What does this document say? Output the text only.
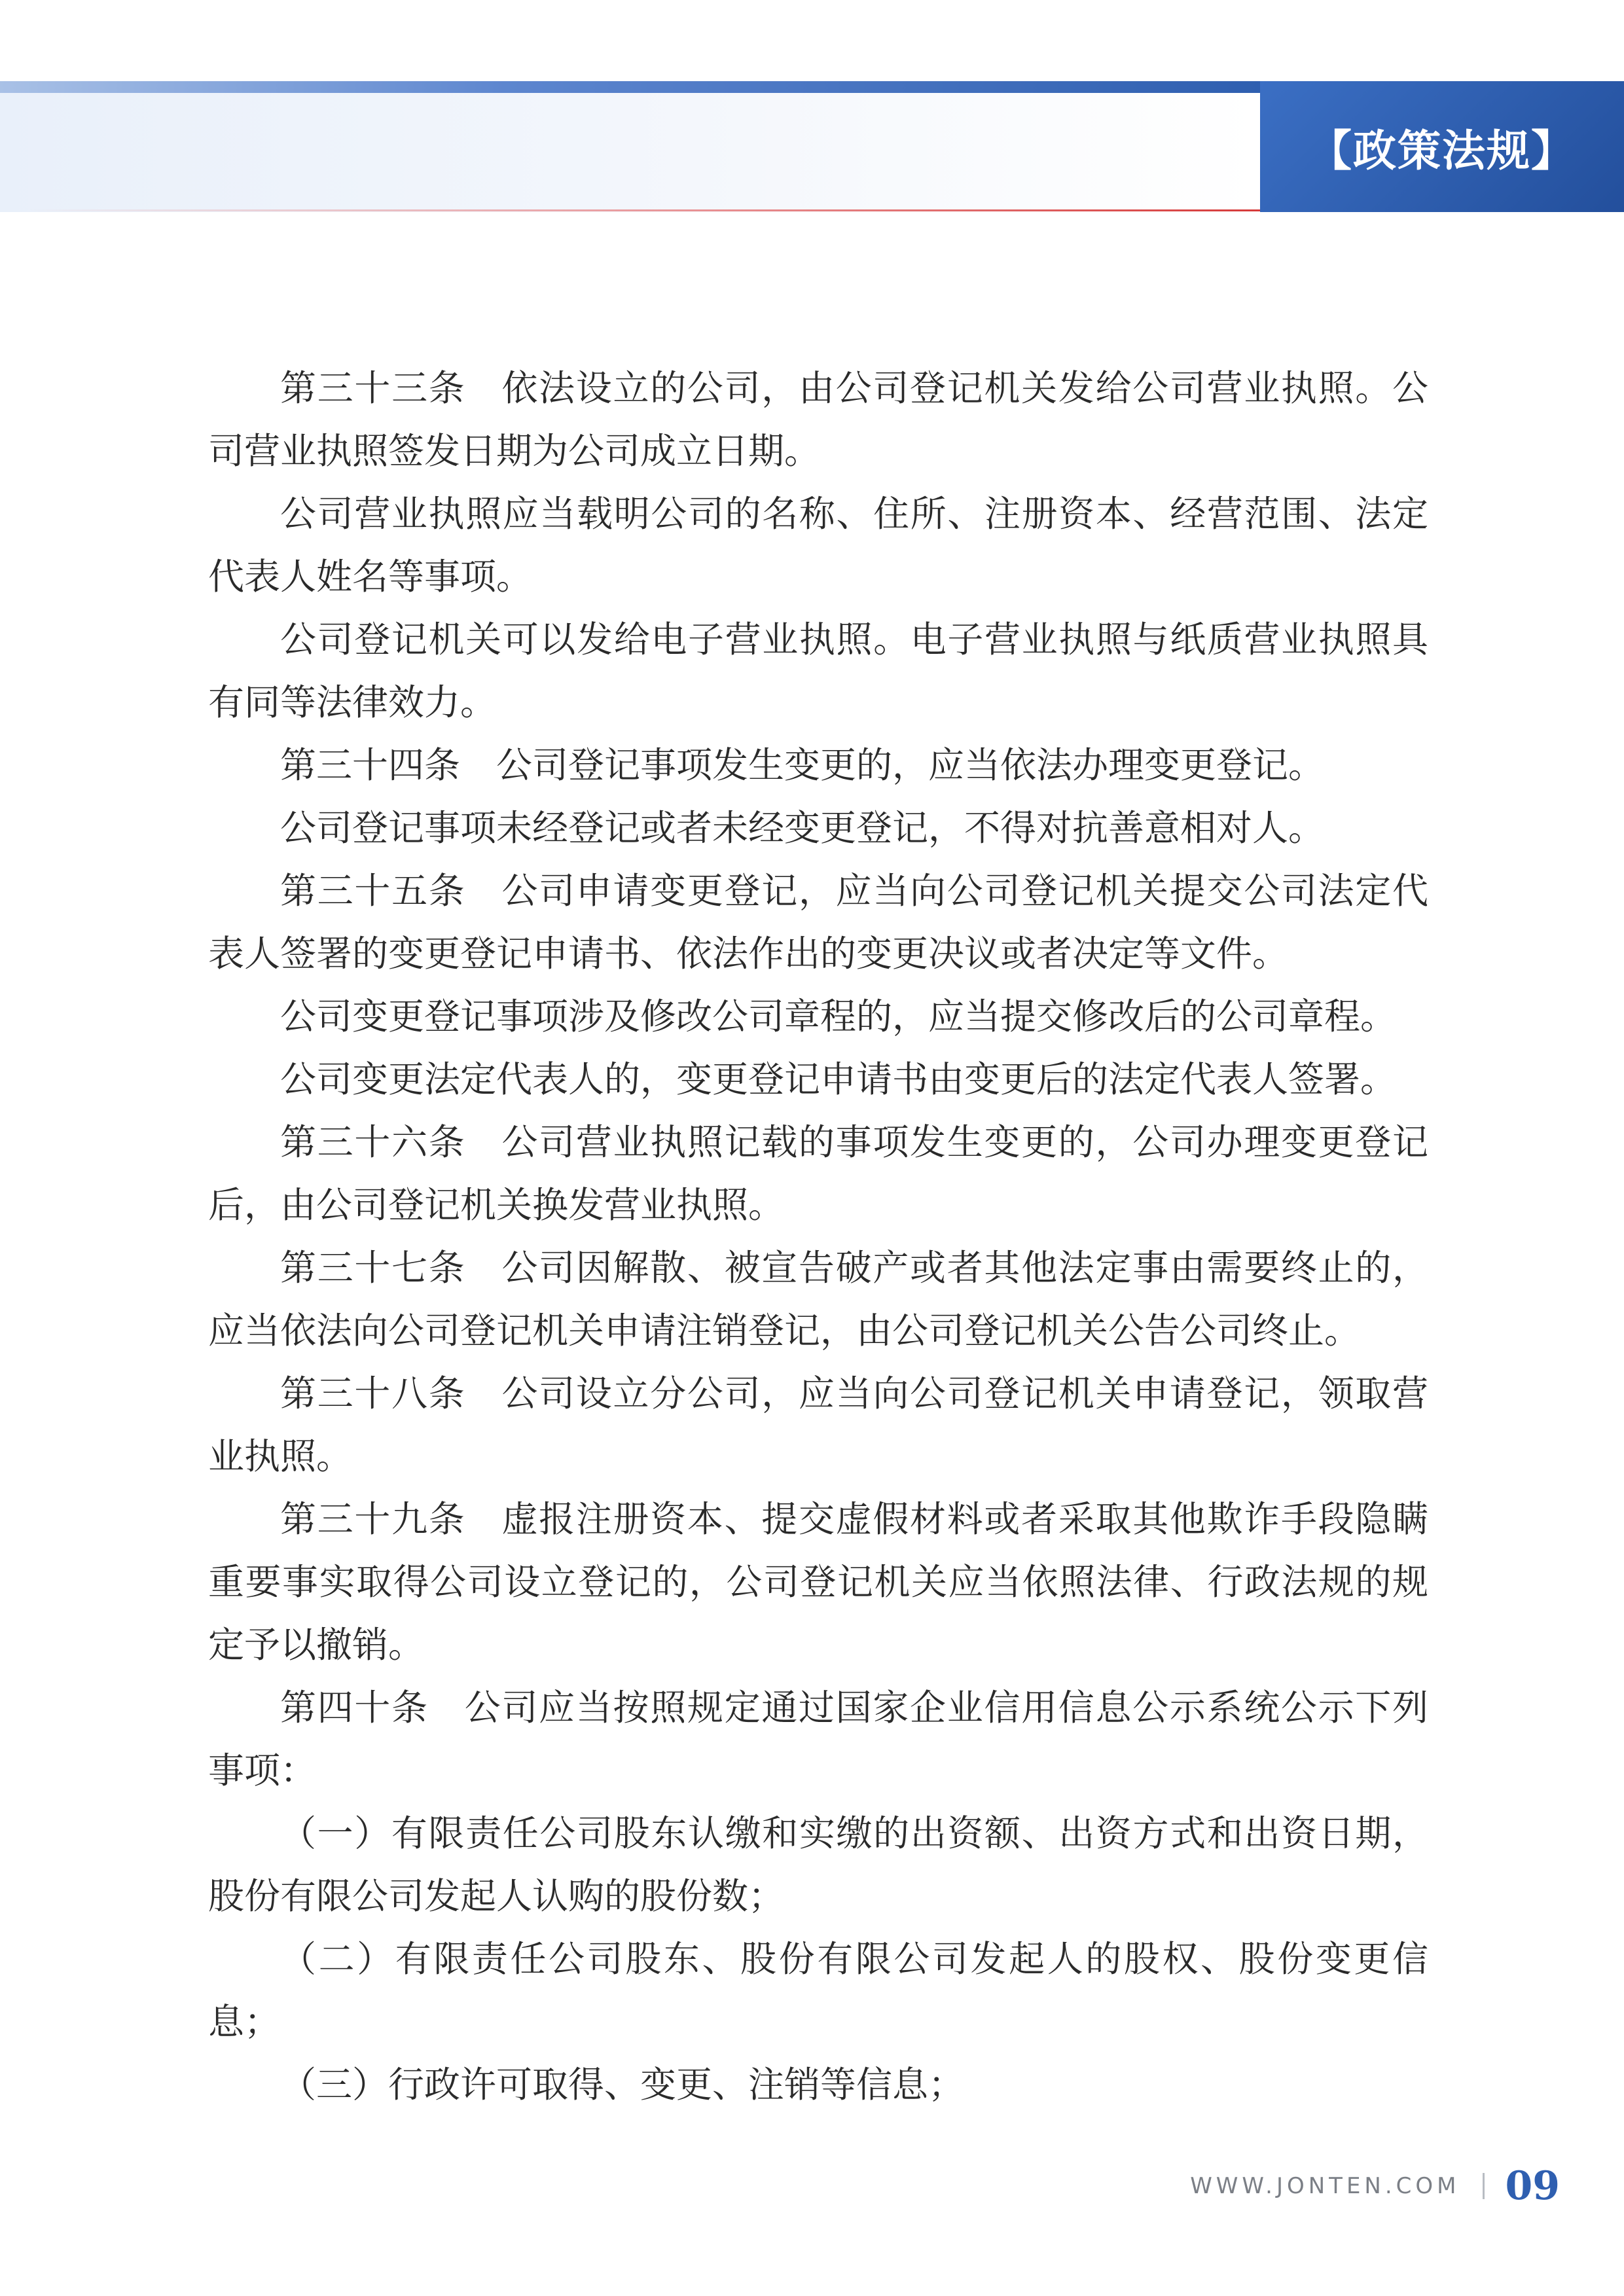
【政策法规】

第三十三条 依法设立的公司，由公司登记机关发给公司营业执照。公司营业执照签发日期为公司成立日期。

公司营业执照应当载明公司的名称、住所、注册资本、经营范围、法定代表人姓名等事项。

公司登记机关可以发给电子营业执照。电子营业执照与纸质营业执照具有同等法律效力。

第三十四条 公司登记事项发生变更的，应当依法办理变更登记。

公司登记事项未经登记或者未经变更登记，不得对抗善意相对人。

第三十五条 公司申请变更登记，应当向公司登记机关提交公司法定代表人签署的变更登记申请书、依法作出的变更决议或者决定等文件。

公司变更登记事项涉及修改公司章程的，应当提交修改后的公司章程。

公司变更法定代表人的，变更登记申请书由变更后的法定代表人签署。

第三十六条 公司营业执照记载的事项发生变更的，公司办理变更登记后，由公司登记机关换发营业执照。

第三十七条 公司因解散、被宣告破产或者其他法定事由需要终止的，应当依法向公司登记机关申请注销登记，由公司登记机关公告公司终止。

第三十八条 公司设立分公司，应当向公司登记机关申请登记，领取营业执照。

第三十九条 虚报注册资本、提交虚假材料或者采取其他欺诈手段隐瞒重要事实取得公司设立登记的，公司登记机关应当依照法律、行政法规的规定予以撤销。

第四十条 公司应当按照规定通过国家企业信用信息公示系统公示下列事项：

（一）有限责任公司股东认缴和实缴的出资额、出资方式和出资日期，股份有限公司发起人认购的股份数；

（二）有限责任公司股东、股份有限公司发起人的股权、股份变更信息；

（三）行政许可取得、变更、注销等信息；

WWW.JONTEN.COM 09
